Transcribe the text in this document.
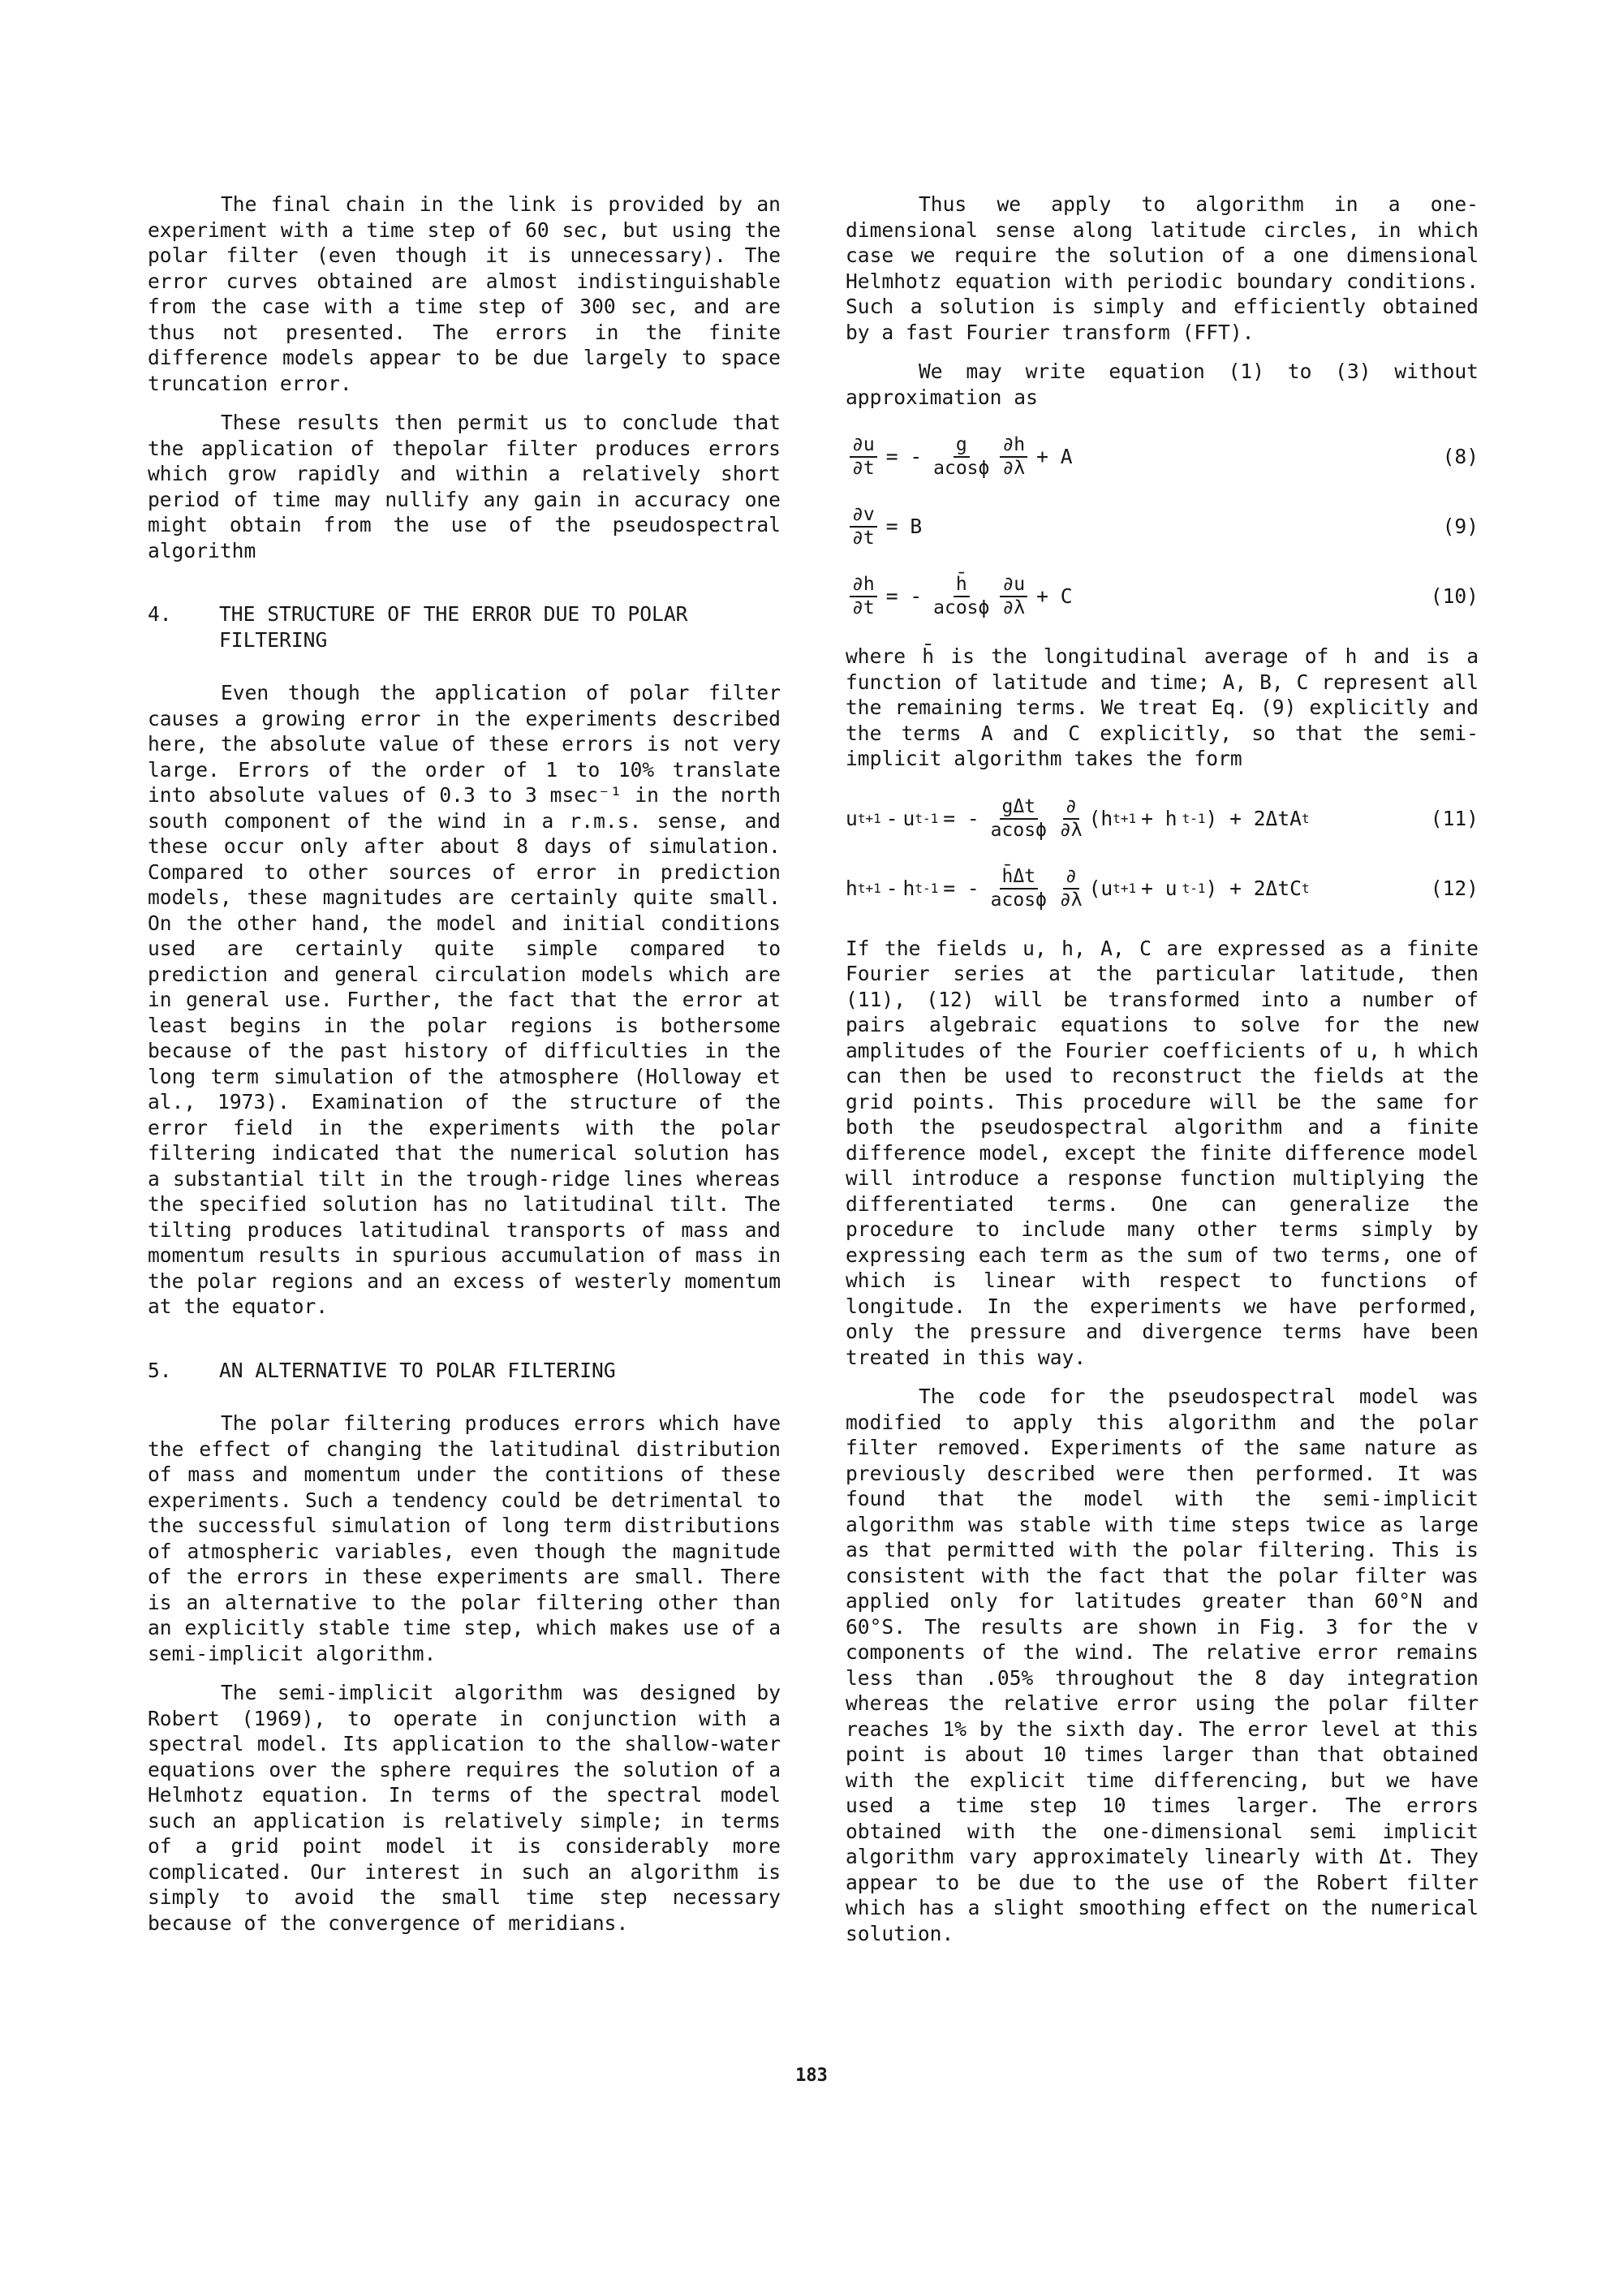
The final chain in the link is provided by an experiment with a time step of 60 sec, but using the polar filter (even though it is unnecessary). The error curves obtained are almost indistinguishable from the case with a time step of 300 sec, and are thus not presented. The errors in the finite difference models appear to be due largely to space truncation error.

These results then permit us to conclude that the application of thepolar filter produces errors which grow rapidly and within a relatively short period of time may nullify any gain in accuracy one might obtain from the use of the pseudospectral algorithm

4.	THE STRUCTURE OF THE ERROR DUE TO POLAR FILTERING

Even though the application of polar filter causes a growing error in the experiments described here, the absolute value of these errors is not very large. Errors of the order of 1 to 10% translate into absolute values of 0.3 to 3 msec⁻¹ in the north south component of the wind in a r.m.s. sense, and these occur only after about 8 days of simulation. Compared to other sources of error in prediction models, these magnitudes are certainly quite small. On the other hand, the model and initial conditions used are certainly quite simple compared to prediction and general circulation models which are in general use. Further, the fact that the error at least begins in the polar regions is bothersome because of the past history of difficulties in the long term simulation of the atmosphere (Holloway et al., 1973). Examination of the structure of the error field in the experiments with the polar filtering indicated that the numerical solution has a substantial tilt in the trough-ridge lines whereas the specified solution has no latitudinal tilt. The tilting produces latitudinal transports of mass and momentum results in spurious accumulation of mass in the polar regions and an excess of westerly momentum at the equator.

5.	AN ALTERNATIVE TO POLAR FILTERING

The polar filtering produces errors which have the effect of changing the latitudinal distribution of mass and momentum under the contitions of these experiments. Such a tendency could be detrimental to the successful simulation of long term distributions of atmospheric variables, even though the magnitude of the errors in these experiments are small. There is an alternative to the polar filtering other than an explicitly stable time step, which makes use of a semi-implicit algorithm.

The semi-implicit algorithm was designed by Robert (1969), to operate in conjunction with a spectral model. Its application to the shallow-water equations over the sphere requires the solution of a Helmhotz equation. In terms of the spectral model such an application is relatively simple; in terms of a grid point model it is considerably more complicated. Our interest in such an algorithm is simply to avoid the small time step necessary because of the convergence of meridians.

Thus we apply to algorithm in a one-dimensional sense along latitude circles, in which case we require the solution of a one dimensional Helmhotz equation with periodic boundary conditions. Such a solution is simply and efficiently obtained by a fast Fourier transform (FFT).

We may write equation (1) to (3) without approximation as

$\frac{\partial u}{\partial t}$ = - $\frac{g}{acos\phi} \frac{\partial h}{\partial\lambda} + A$	(8)
$\frac{\partial v}{\partial t} = B$	(9)
$\frac{\partial h}{\partial t}$ = - $\frac{h̄}{acos\phi} \frac{\partial u}{\partial\lambda} + C$	(10)

where h̄ is the longitudinal average of h and is a function of latitude and time; A, B, C represent all the remaining terms. We treat Eq. (9) explicitly and the terms A and C explicitly, so that the semi-implicit algorithm takes the form

u t+1 - u t-1 = - $\frac{\text{gΔt}}{acos\phi} \frac{\partial}{\partial\lambda} (h$ t+1 + h t-1 ) + 2ΔtA t	(11)
h t+1 - h t-1 = - $\frac{h̄\Delta t}{acos\phi} \frac{\partial}{\partial\lambda} (u$ t+1 + u t-1 ) + 2ΔtC t	(12)

If the fields u, h, A, C are expressed as a finite Fourier series at the particular latitude, then (11), (12) will be transformed into a number of pairs algebraic equations to solve for the new amplitudes of the Fourier coefficients of u, h which can then be used to reconstruct the fields at the grid points. This procedure will be the same for both the pseudospectral algorithm and a finite difference model, except the finite difference model will introduce a response function multiplying the differentiated terms. One can generalize the procedure to include many other terms simply by expressing each term as the sum of two terms, one of which is linear with respect to functions of longitude. In the experiments we have performed, only the pressure and divergence terms have been treated in this way.

The code for the pseudospectral model was modified to apply this algorithm and the polar filter removed. Experiments of the same nature as previously described were then performed. It was found that the model with the semi-implicit algorithm was stable with time steps twice as large as that permitted with the polar filtering. This is consistent with the fact that the polar filter was applied only for latitudes greater than 60°N and 60°S. The results are shown in Fig. 3 for the v components of the wind. The relative error remains less than .05% throughout the 8 day integration whereas the relative error using the polar filter reaches 1% by the sixth day. The error level at this point is about 10 times larger than that obtained with the explicit time differencing, but we have used a time step 10 times larger. The errors obtained with the one-dimensional semi implicit algorithm vary approximately linearly with Δt. They appear to be due to the use of the Robert filter which has a slight smoothing effect on the numerical solution.

183
